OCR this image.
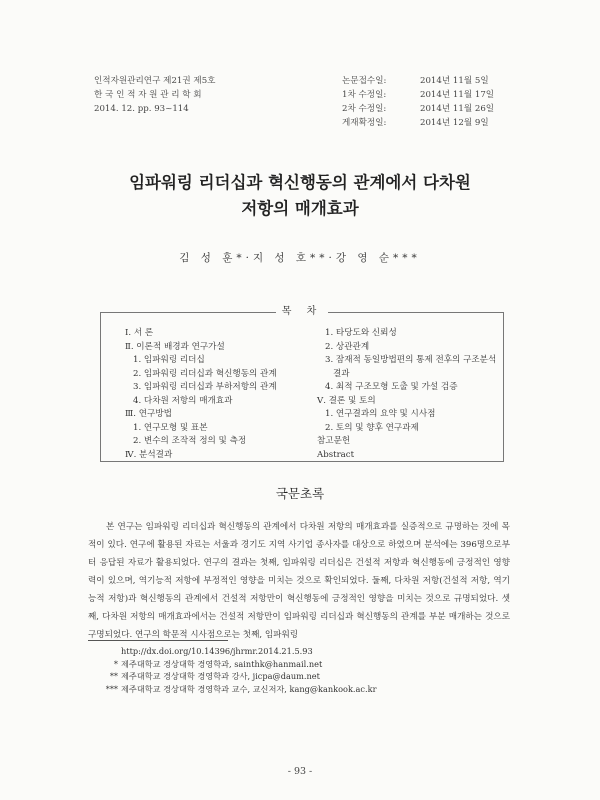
인적자원관리연구 제21권 제5호
한 국 인 적 자 원 관 리 학 회
2014. 12. pp. 93~114
논문접수일:	2014년 11월 5일
1차 수정일:	2014년 11월 17일
2차 수정일:	2014년 11월 26일
게재확정일:	2014년 12월 9일
임파워링 리더십과 혁신행동의 관계에서 다차원
저항의 매개효과
김 성 훈*·지 성 호**·강 영 순***
목 차
Ⅰ. 서 론
Ⅱ. 이론적 배경과 연구가설
1. 임파워링 리더십
2. 임파워링 리더십과 혁신행동의 관계
3. 임파워링 리더십과 부하저항의 관계
4. 다차원 저항의 매개효과
Ⅲ. 연구방법
1. 연구모형 및 표본
2. 변수의 조작적 정의 및 측정
Ⅳ. 분석결과
1. 타당도와 신뢰성
2. 상관관계
3. 잠재적 동일방법편의 통제 전후의 구조분석
결과
4. 최적 구조모형 도출 및 가설 검증
Ⅴ. 결론 및 토의
1. 연구결과의 요약 및 시사점
2. 토의 및 향후 연구과제
참고문헌
Abstract
국문초록

본 연구는 임파워링 리더십과 혁신행동의 관계에서 다차원 저항의 매개효과를 실증적으로 규명하는 것에 목적이 있다. 연구에 활용된 자료는 서울과 경기도 지역 사기업 종사자를 대상으로 하였으며 분석에는 396명으로부터 응답된 자료가 활용되었다. 연구의 결과는 첫째, 임파워링 리더십은 건설적 저항과 혁신행동에 긍정적인 영향력이 있으며, 역기능적 저항에 부정적인 영향을 미치는 것으로 확인되었다. 둘째, 다차원 저항(건설적 저항, 역기능적 저항)과 혁신행동의 관계에서 건설적 저항만이 혁신행동에 긍정적인 영향을 미치는 것으로 규명되었다. 셋째, 다차원 저항의 매개효과에서는 건설적 저항만이 임파워링 리더십과 혁신행동의 관계를 부분 매개하는 것으로 구명되었다. 연구의 학문적 시사점으로는 첫째, 임파워링

http://dx.doi.org/10.14396/jhrmr.2014.21.5.93
* 제주대학교 경상대학 경영학과, sainthk@hanmail.net
** 제주대학교 경상대학 경영학과 강사, jicpa@daum.net
*** 제주대학교 경상대학 경영학과 교수, 교신저자, kang@kankook.ac.kr
- 93 -
